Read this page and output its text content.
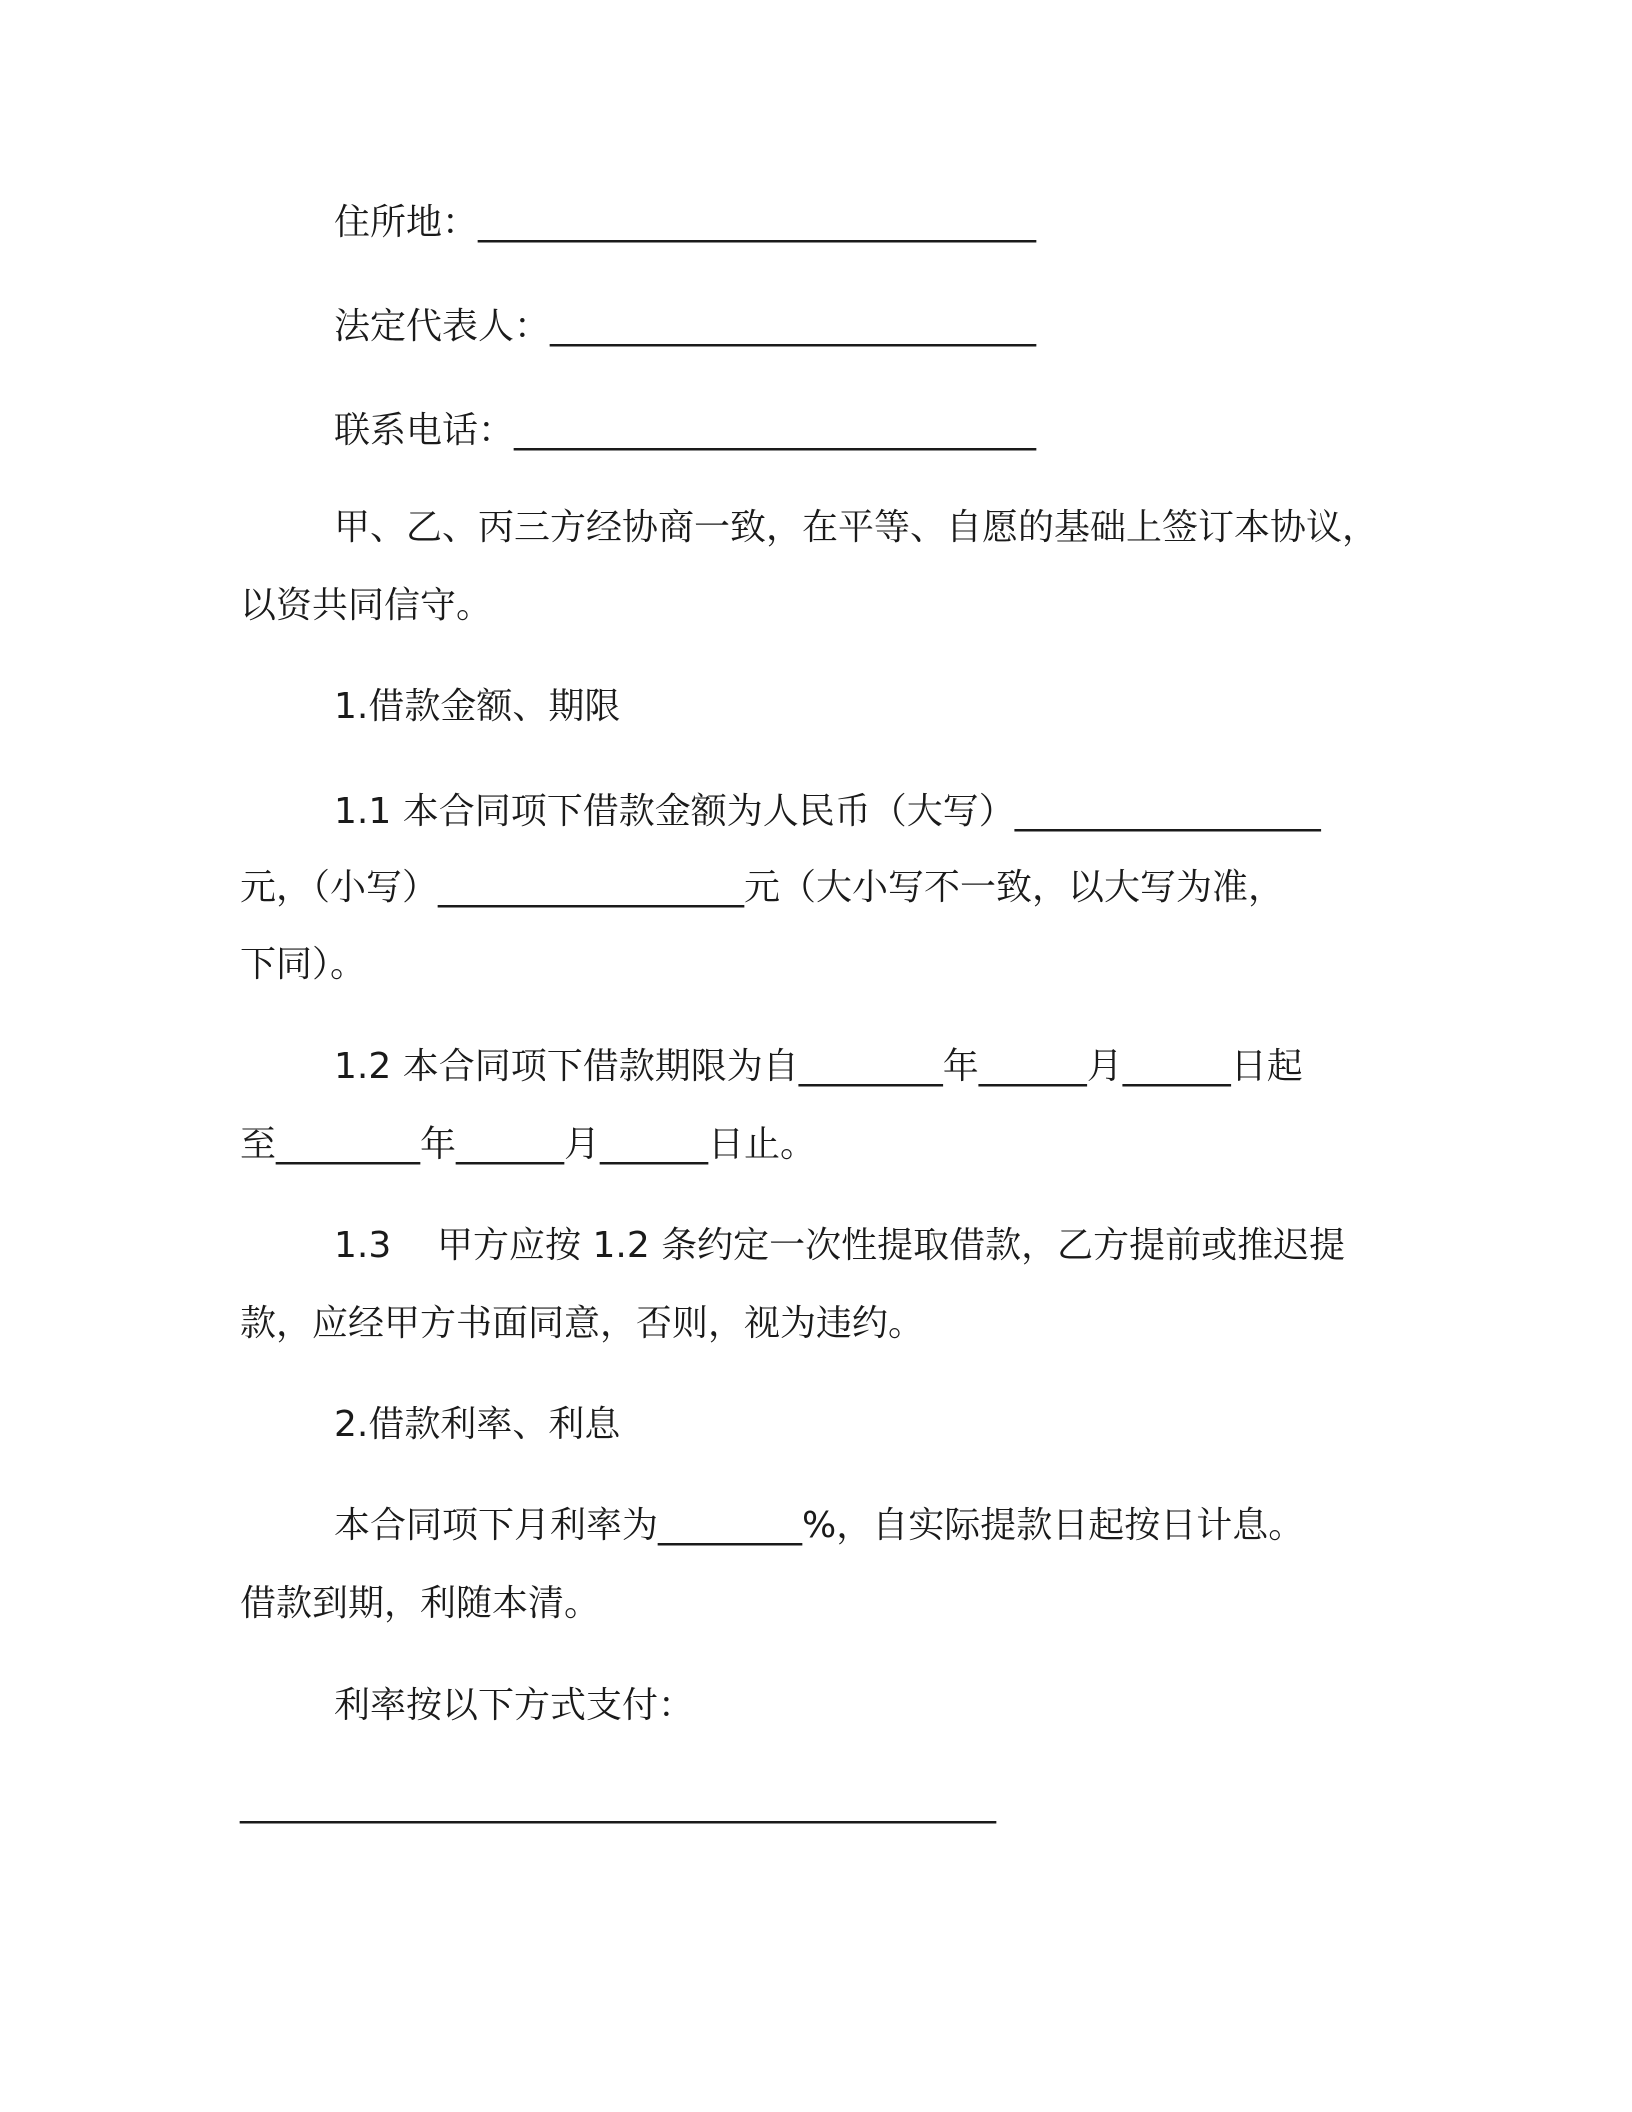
住所地：_______________________________
法定代表人：___________________________
联系电话：_____________________________
甲、乙、丙三方经协商一致，在平等、自愿的基础上签订本协议，
以资共同信守。
1.借款金额、期限
1.1 本合同项下借款金额为人民币（大写）_________________
元，（小写）_________________元（大小写不一致，以大写为准，
下同）。
1.2 本合同项下借款期限为自________年______月______日起
至________年______月______日止。
1.3    甲方应按 1.2 条约定一次性提取借款，乙方提前或推迟提
款，应经甲方书面同意，否则，视为违约。
2.借款利率、利息
本合同项下月利率为________%，自实际提款日起按日计息。
借款到期，利随本清。
利率按以下方式支付：
__________________________________________
